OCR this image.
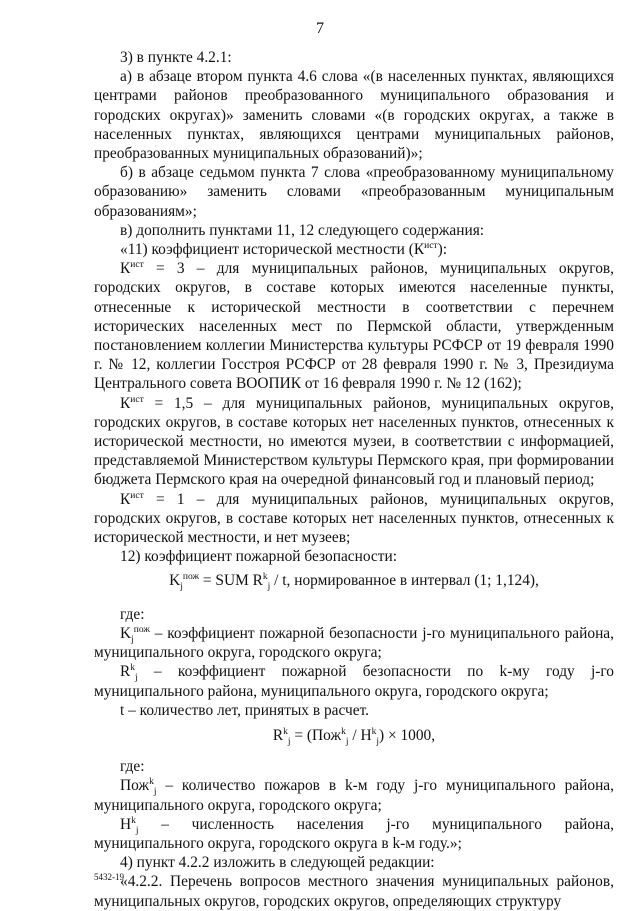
7

3) в пункте 4.2.1:

а) в абзаце втором пункта 4.6 слова «(в населенных пунктах, являющихся центрами районов преобразованного муниципального образования и городских округах)» заменить словами «(в городских округах, а также в населенных пунктах, являющихся центрами муниципальных районов, преобразованных муниципальных образований)»;

б) в абзаце седьмом пункта 7 слова «преобразованному муниципальному образованию» заменить словами «преобразованным муниципальным образованиям»;

в) дополнить пунктами 11, 12 следующего содержания:

«11) коэффициент исторической местности $(К^{ист})$:

$К^{ист} = 3$ – для муниципальных районов, муниципальных округов, городских округов, в составе которых имеются населенные пункты, отнесенные к исторической местности в соответствии с перечнем исторических населенных мест по Пермской области, утвержденным постановлением коллегии Министерства культуры РСФСР от 19 февраля 1990 г. № 12, коллегии Госстроя РСФСР от 28 февраля 1990 г. № 3, Президиума Центрального совета ВООПИК от 16 февраля 1990 г. № 12 (162);

$К^{ист} = 1,5$ – для муниципальных районов, муниципальных округов, городских округов, в составе которых нет населенных пунктов, отнесенных к исторической местности, но имеются музеи, в соответствии с информацией, представляемой Министерством культуры Пермского края, при формировании бюджета Пермского края на очередной финансовый год и плановый период;

$К^{ист} = 1$ – для муниципальных районов, муниципальных округов, городских округов, в составе которых нет населенных пунктов, отнесенных к исторической местности, и нет музеев;

12) коэффициент пожарной безопасности:

$K_j^{пож}$ = SUM $R^k_j$ / t, нормированное в интервал (1; 1,124),

где:

$K_j^{пож}$ – коэффициент пожарной безопасности j-го муниципального района, муниципального округа, городского округа;

$R^k_j$ – коэффициент пожарной безопасности по k-му году j-го муниципального района, муниципального округа, городского округа;

t – количество лет, принятых в расчет.

$R^k_j = (Пож^k_j / H^k_j) \times 1000$,

где:

Пож$^k_j$ – количество пожаров в k-м году j-го муниципального района, муниципального округа, городского округа;

$H^k_j$ – численность населения j-го муниципального района, муниципального округа, городского округа в k-м году.»;

4) пункт 4.2.2 изложить в следующей редакции:

«4.2.2. Перечень вопросов местного значения муниципальных районов, муниципальных округов, городских округов, определяющих структуру

5432-19
